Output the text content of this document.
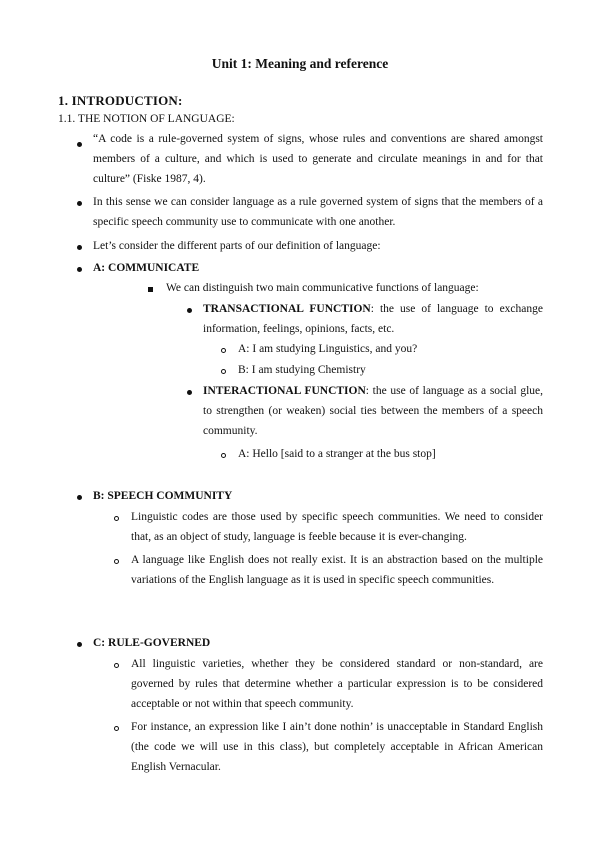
Unit 1: Meaning and reference
1. INTRODUCTION:
1.1. THE NOTION OF LANGUAGE:
“A code is a rule-governed system of signs, whose rules and conventions are shared amongst members of a culture, and which is used to generate and circulate meanings in and for that culture” (Fiske 1987, 4).
In this sense we can consider language as a rule governed system of signs that the members of a specific speech community use to communicate with one another.
Let’s consider the different parts of our definition of language:
A: COMMUNICATE
We can distinguish two main communicative functions of language:
TRANSACTIONAL FUNCTION: the use of language to exchange information, feelings, opinions, facts, etc.
A: I am studying Linguistics, and you?
B: I am studying Chemistry
INTERACTIONAL FUNCTION: the use of language as a social glue, to strengthen (or weaken) social ties between the members of a speech community.
A: Hello [said to a stranger at the bus stop]
B: SPEECH COMMUNITY
Linguistic codes are those used by specific speech communities. We need to consider that, as an object of study, language is feeble because it is ever-changing.
A language like English does not really exist. It is an abstraction based on the multiple variations of the English language as it is used in specific speech communities.
C: RULE-GOVERNED
All linguistic varieties, whether they be considered standard or non-standard, are governed by rules that determine whether a particular expression is to be considered acceptable or not within that speech community.
For instance, an expression like I ain’t done nothin’ is unacceptable in Standard English (the code we will use in this class), but completely acceptable in African American English Vernacular.
